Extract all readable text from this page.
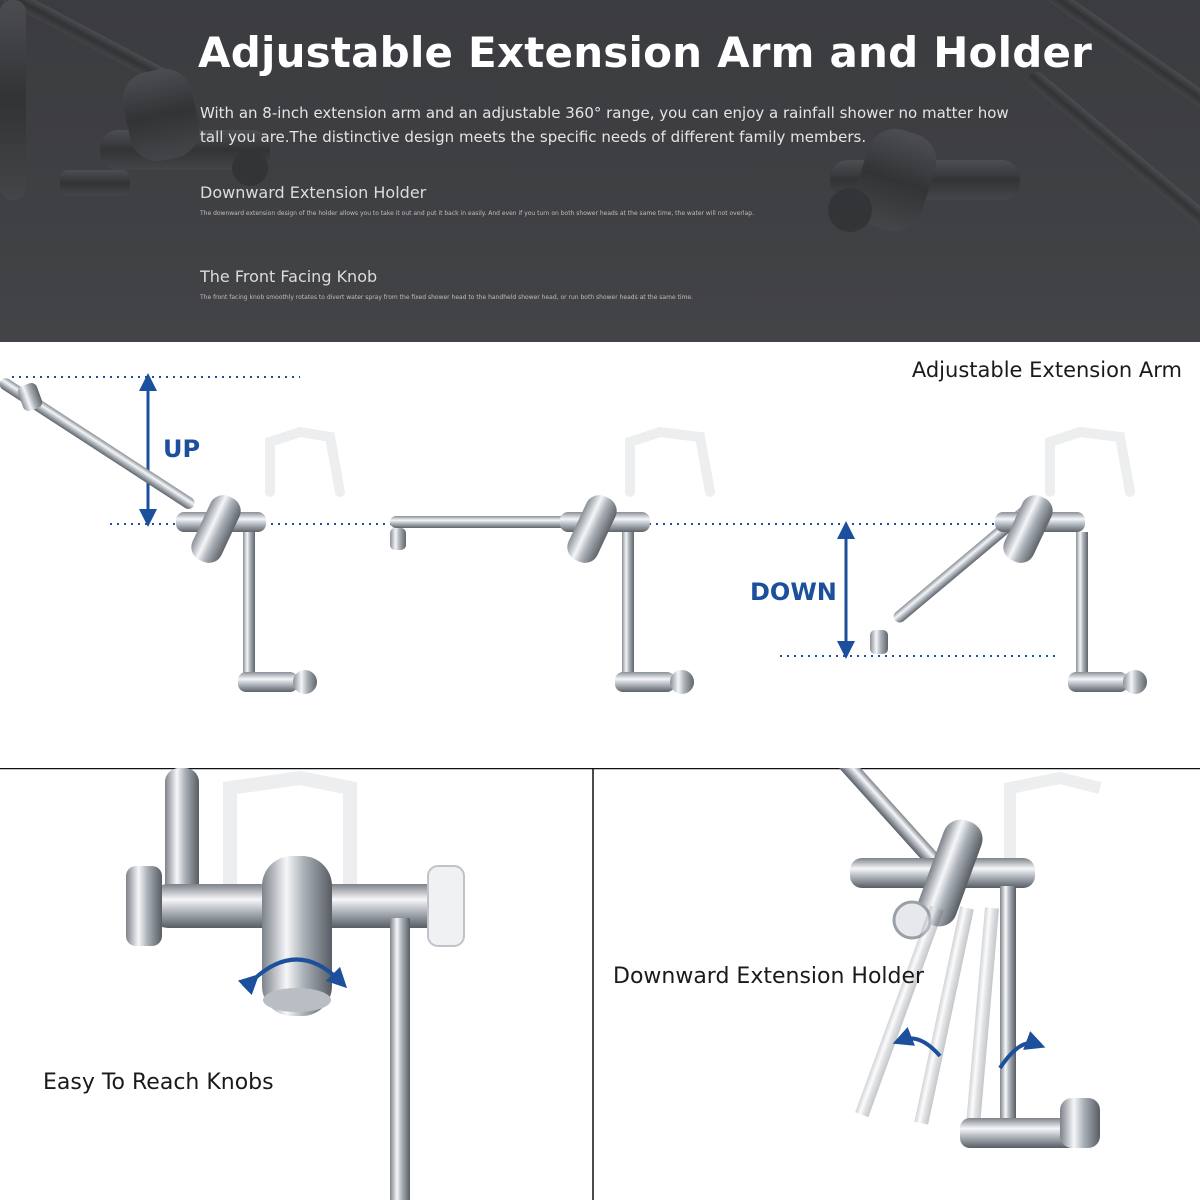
Adjustable Extension Arm and Holder
With an 8-inch extension arm and an adjustable 360° range, you can enjoy a rainfall shower no matter how tall you are.The distinctive design meets the specific needs of different family members.
Downward Extension Holder
The downward extension design of the holder allows you to take it out and put it back in easily. And even if you turn on both shower heads at the same time, the water will not overlap.
The Front Facing Knob
The front facing knob smoothly rotates to divert water spray from the fixed shower head to the handheld shower head, or run both shower heads at the same time.
Adjustable Extension Arm
UP
DOWN
Easy To Reach Knobs
Downward Extension Holder
